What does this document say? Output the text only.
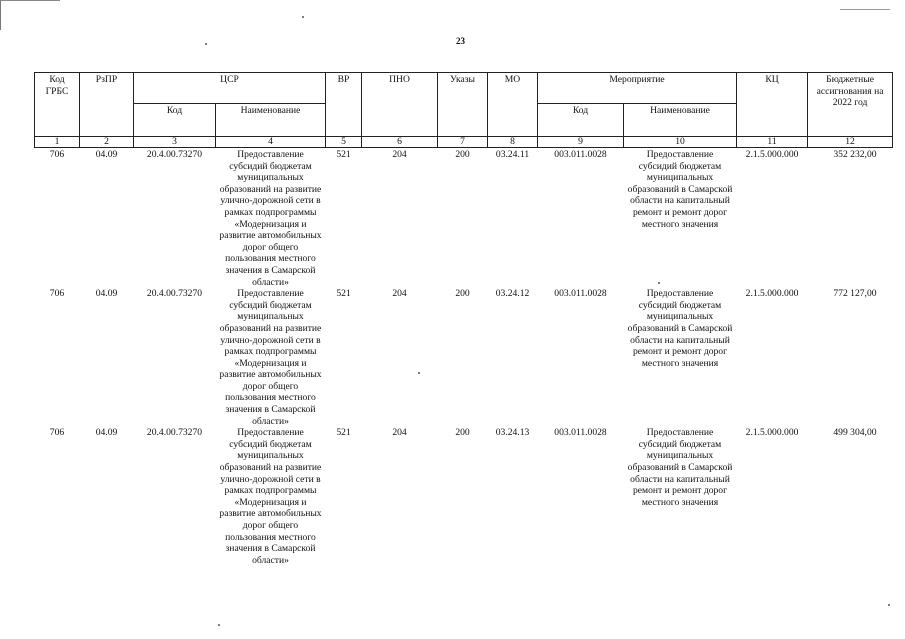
23
Код ГРБС	РзПР	ЦСР		ВР	ПНО	Указы	МО	Мероприятие		КЦ	Бюджетные ассигнования на 2022 год
		Код	Наименование					Код	Наименование		
1	2	3	4	5	6	7	8	9	10	11	12
706	04.09	20.4.00.73270	Предоставление субсидий бюджетам муниципальных образований на развитие улично-дорожной сети в рамках подпрограммы «Модернизация и развитие автомобильных дорог общего пользования местного значения в Самарской области»	521	204	200	03.24.11	003.011.0028	Предоставление субсидий бюджетам муниципальных образований в Самарской области на капитальный ремонт и ремонт дорог местного значения	2.1.5.000.000	352 232,00
706	04.09	20.4.00.73270	Предоставление субсидий бюджетам муниципальных образований на развитие улично-дорожной сети в рамках подпрограммы «Модернизация и развитие автомобильных дорог общего пользования местного значения в Самарской области»	521	204	200	03.24.12	003.011.0028	Предоставление субсидий бюджетам муниципальных образований в Самарской области на капитальный ремонт и ремонт дорог местного значения	2.1.5.000.000	772 127,00
706	04.09	20.4.00.73270	Предоставление субсидий бюджетам муниципальных образований на развитие улично-дорожной сети в рамках подпрограммы «Модернизация и развитие автомобильных дорог общего пользования местного значения в Самарской области»	521	204	200	03.24.13	003.011.0028	Предоставление субсидий бюджетам муниципальных образований в Самарской области на капитальный ремонт и ремонт дорог местного значения	2.1.5.000.000	499 304,00
